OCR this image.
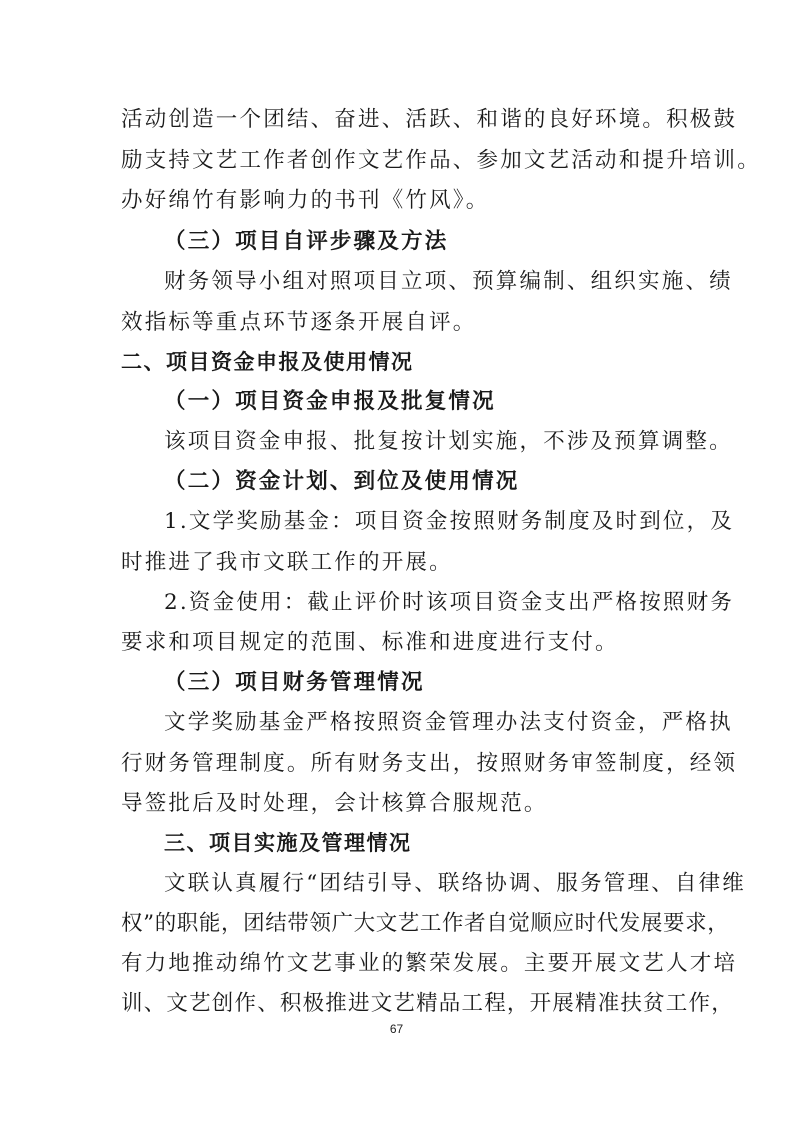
活动创造一个团结、奋进、活跃、和谐的良好环境。积极鼓
励支持文艺工作者创作文艺作品、参加文艺活动和提升培训。
办好绵竹有影响力的书刊《竹风》。
（三）项目自评步骤及方法
财务领导小组对照项目立项、预算编制、组织实施、绩
效指标等重点环节逐条开展自评。
二、项目资金申报及使用情况
（一）项目资金申报及批复情况
该项目资金申报、批复按计划实施，不涉及预算调整。
（二）资金计划、到位及使用情况
1.文学奖励基金：项目资金按照财务制度及时到位，及
时推进了我市文联工作的开展。
2.资金使用：截止评价时该项目资金支出严格按照财务
要求和项目规定的范围、标准和进度进行支付。
（三）项目财务管理情况
文学奖励基金严格按照资金管理办法支付资金，严格执
行财务管理制度。所有财务支出，按照财务审签制度，经领
导签批后及时处理，会计核算合服规范。
三、项目实施及管理情况
文联认真履行“团结引导、联络协调、服务管理、自律维
权”的职能，团结带领广大文艺工作者自觉顺应时代发展要求，
有力地推动绵竹文艺事业的繁荣发展。主要开展文艺人才培
训、文艺创作、积极推进文艺精品工程，开展精准扶贫工作，
67
